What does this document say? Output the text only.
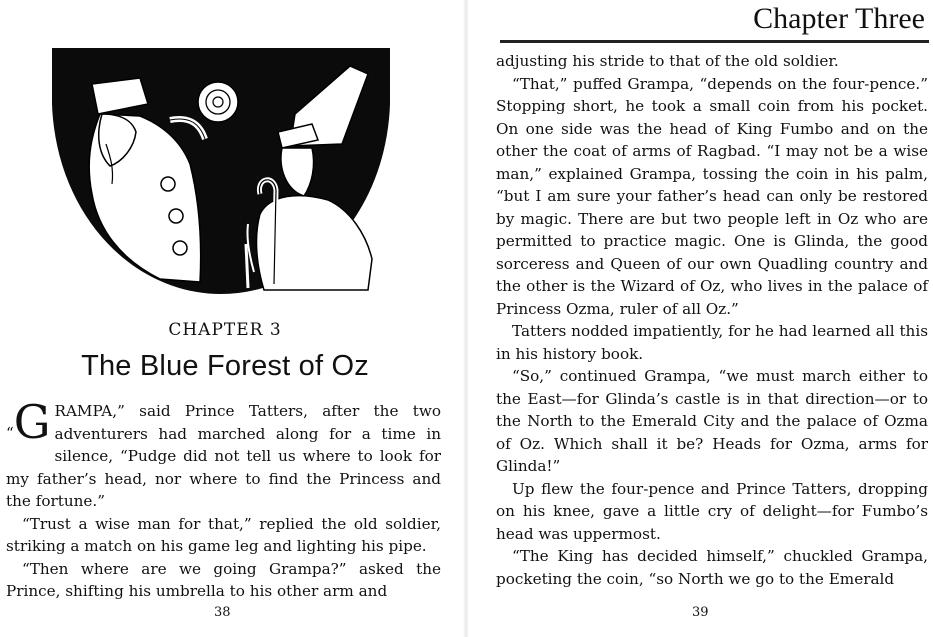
CHAPTER 3
The Blue Forest of Oz

“G RAMPA,” said Prince Tatters, after the two adventurers had marched along for a time in silence, “Pudge did not tell us where to look for my father’s head, nor where to find the Princess and the fortune.”

“Trust a wise man for that,” replied the old soldier, striking a match on his game leg and lighting his pipe.

“Then where are we going Grampa?” asked the Prince, shifting his umbrella to his other arm and

38
Chapter Three

adjusting his stride to that of the old soldier.

“That,” puffed Grampa, “depends on the four-pence.” Stopping short, he took a small coin from his pocket. On one side was the head of King Fumbo and on the other the coat of arms of Ragbad. “I may not be a wise man,” explained Grampa, tossing the coin in his palm, “but I am sure your father’s head can only be restored by magic. There are but two people left in Oz who are permitted to practice magic. One is Glinda, the good sorceress and Queen of our own Quadling country and the other is the Wizard of Oz, who lives in the palace of Princess Ozma, ruler of all Oz.”

Tatters nodded impatiently, for he had learned all this in his history book.

“So,” continued Grampa, “we must march either to the East—for Glinda’s castle is in that direction—or to the North to the Emerald City and the palace of Ozma of Oz. Which shall it be? Heads for Ozma, arms for Glinda!”

Up flew the four-pence and Prince Tatters, dropping on his knee, gave a little cry of delight—for Fumbo’s head was uppermost.

“The King has decided himself,” chuckled Grampa, pocketing the coin, “so North we go to the Emerald

39
